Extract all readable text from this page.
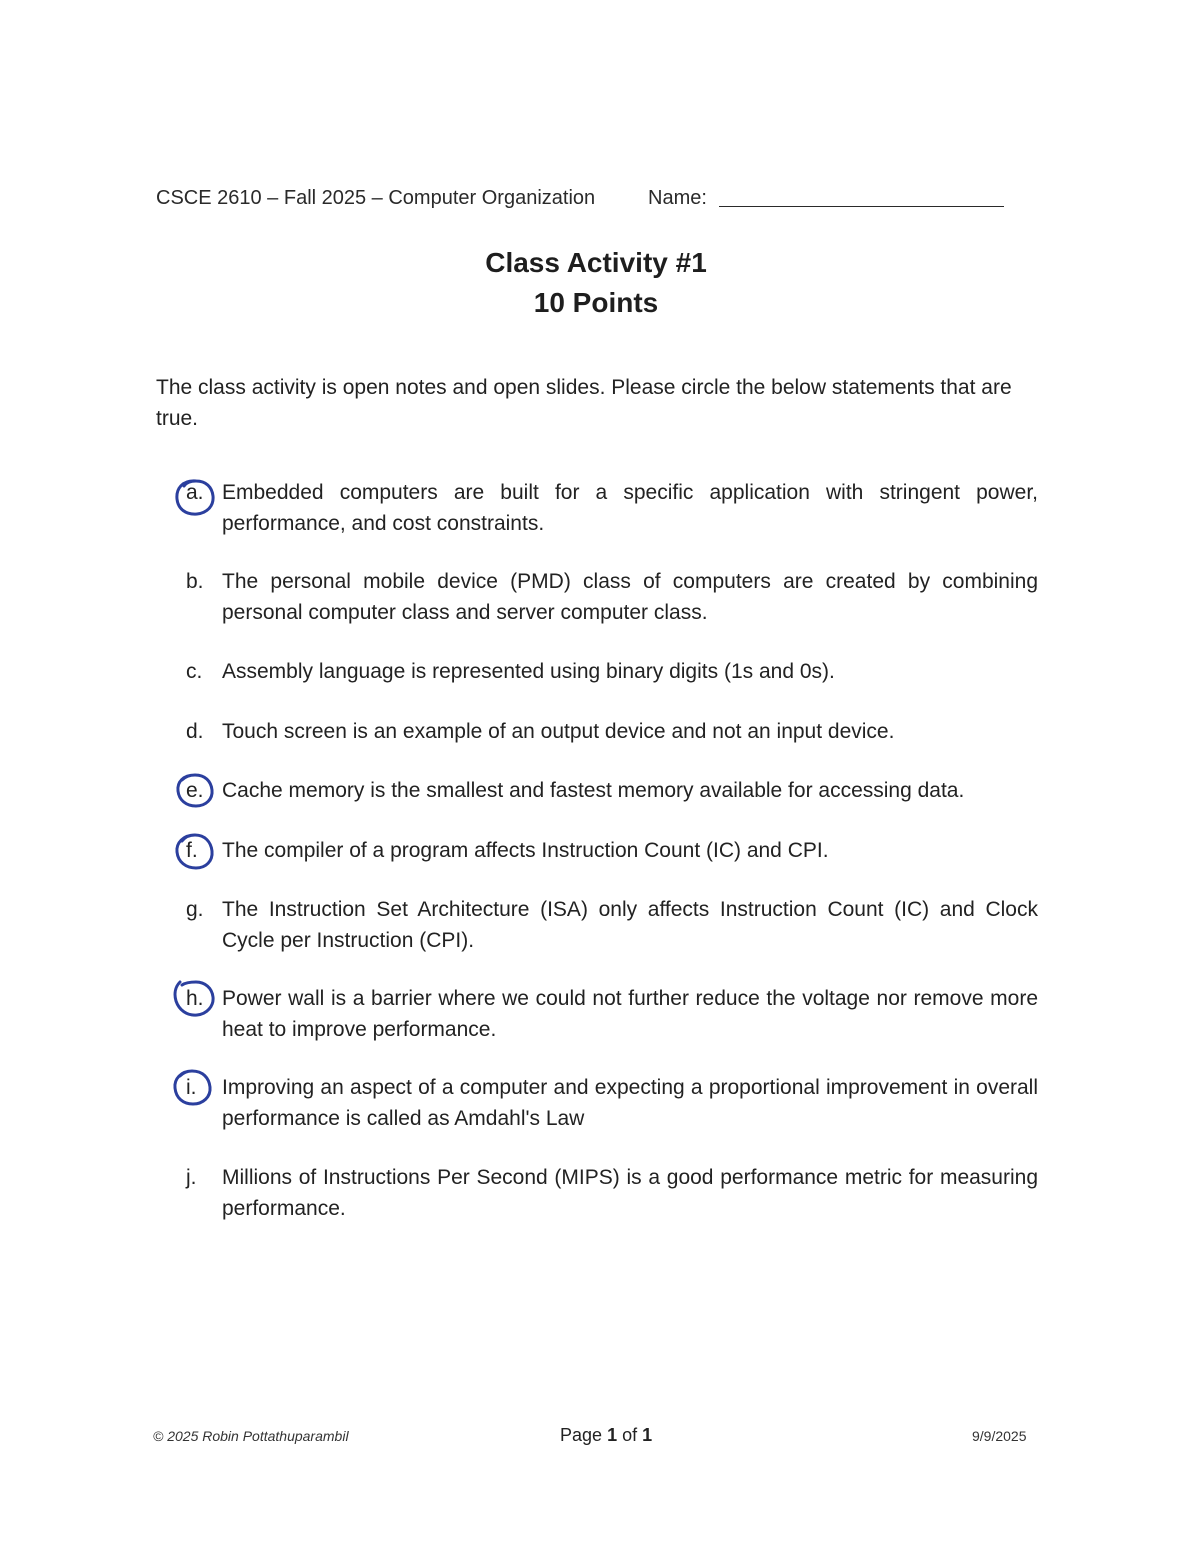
CSCE 2610 – Fall 2025 – Computer Organization	Name:
Class Activity #1
10 Points
The class activity is open notes and open slides. Please circle the below statements that are true.
a. Embedded computers are built for a specific application with stringent power, performance, and cost constraints.
b. The personal mobile device (PMD) class of computers are created by combining personal computer class and server computer class.
c. Assembly language is represented using binary digits (1s and 0s).
d. Touch screen is an example of an output device and not an input device.
e. Cache memory is the smallest and fastest memory available for accessing data.
f.	The compiler of a program affects Instruction Count (IC) and CPI.
g. The Instruction Set Architecture (ISA) only affects Instruction Count (IC) and Clock Cycle per Instruction (CPI).
h. Power wall is a barrier where we could not further reduce the voltage nor remove more heat to improve performance.
i.	Improving an aspect of a computer and expecting a proportional improvement in overall performance is called as Amdahl's Law
j.	Millions of Instructions Per Second (MIPS) is a good performance metric for measuring performance.
© 2025 Robin Pottathuparambil	Page 1 of 1	9/9/2025
